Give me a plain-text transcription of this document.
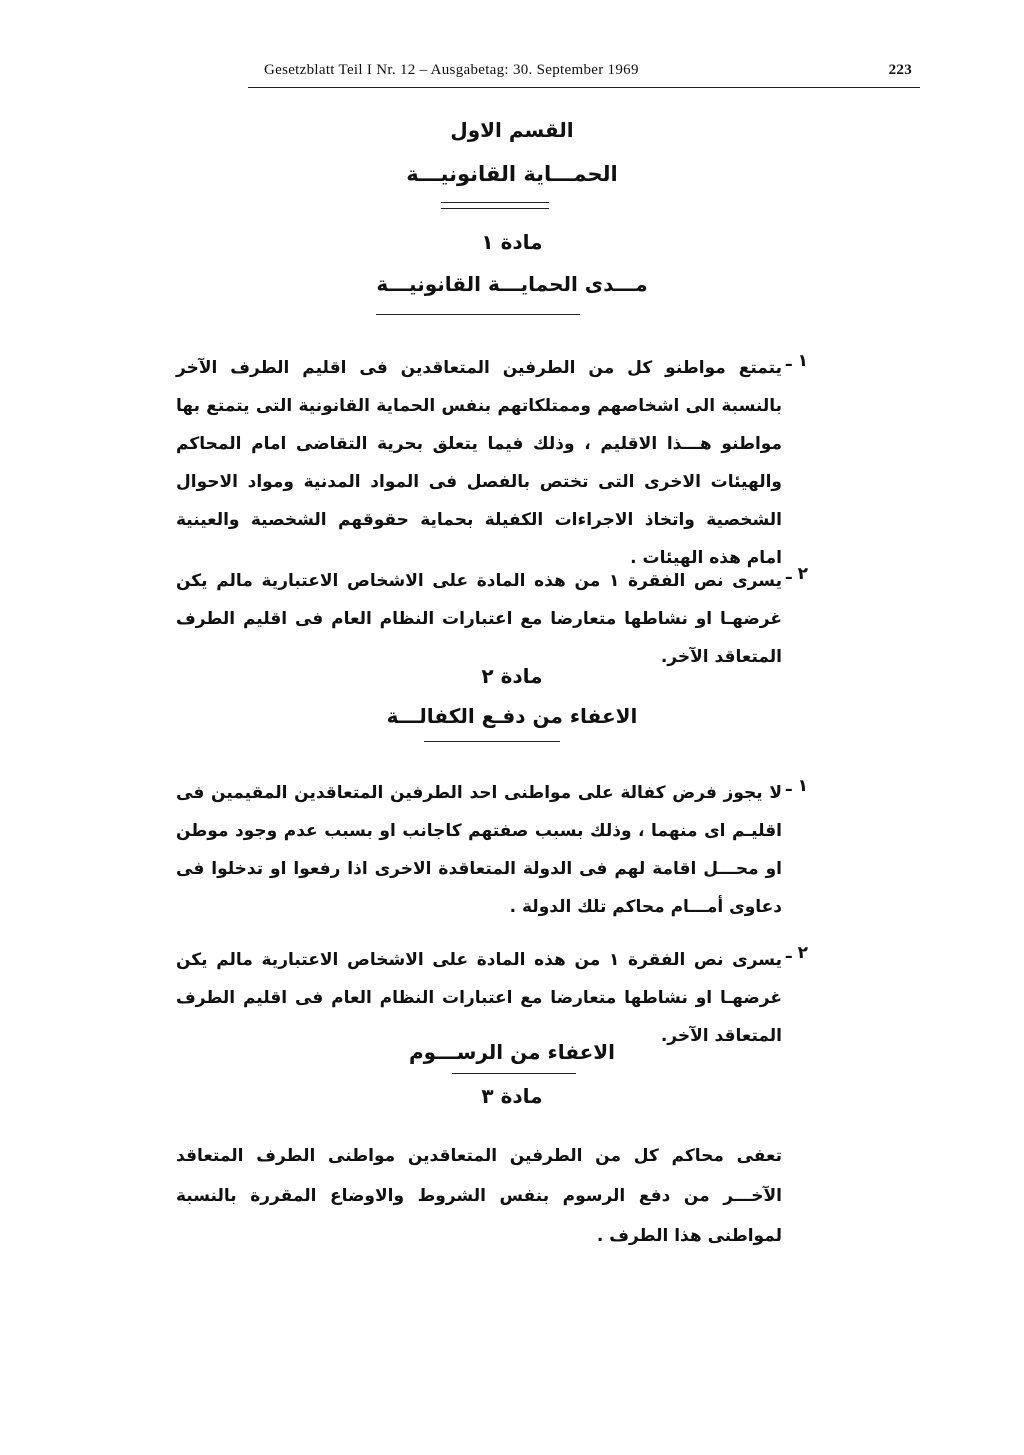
Gesetzblatt Teil I Nr. 12 – Ausgabetag: 30. September 1969	223
القسم الاول
الحمـــاية القانونيـــة
مادة ١
مـــدى الحمايـــة القانونيـــة
١ ـ
يتمتع مواطنو كل من الطرفين المتعاقدين فى اقليم الطرف الآخر بالنسبة الى اشخاصهم وممتلكاتهم بنفس الحماية القانونية التى يتمتع بها مواطنو هـــذا الاقليم ، وذلك فيما يتعلق بحرية التقاضى امام المحاكم والهيئات الاخرى التى تختص بالفصل فى المواد المدنية ومواد الاحوال الشخصية واتخاذ الاجراءات الكفيلة بحماية حقوقهم الشخصية والعينية امام هذه الهيئات .
٢ ـ
يسرى نص الفقرة ١ من هذه المادة على الاشخاص الاعتبارية مالم يكن غرضهـا او نشاطها متعارضا مع اعتبارات النظام العام فى اقليم الطرف المتعاقد الآخر.
مادة ٢
الاعفاء من دفـع الكفالـــة
١ ـ
لا يجوز فرض كفالة على مواطنى احد الطرفين المتعاقدين المقيمين فى اقليـم اى منهما ، وذلك بسبب صفتهم كاجانب او بسبب عدم وجود موطن او محـــل اقامة لهم فى الدولة المتعاقدة الاخرى اذا رفعوا او تدخلوا فى دعاوى أمـــام محاكم تلك الدولة .
٢ ـ
يسرى نص الفقرة ١ من هذه المادة على الاشخاص الاعتبارية مالم يكن غرضهـا او نشاطها متعارضا مع اعتبارات النظام العام فى اقليم الطرف المتعاقد الآخر.
الاعفاء من الرســـوم
مادة ٣
تعفى محاكم كل من الطرفين المتعاقدين مواطنى الطرف المتعاقد الآخـــر من دفع الرسوم بنفس الشروط والاوضاع المقررة بالنسبة لمواطنى هذا الطرف .
